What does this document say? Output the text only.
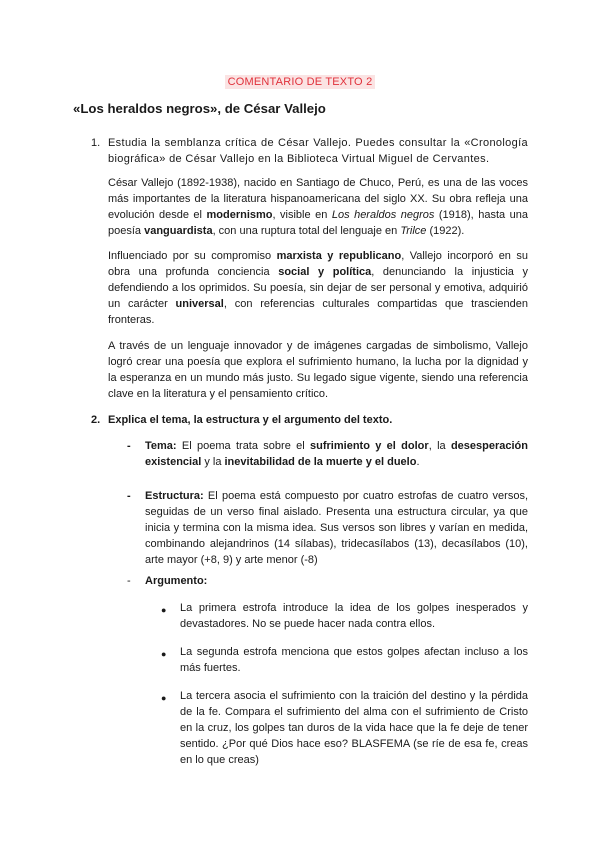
COMENTARIO DE TEXTO 2
«Los heraldos negros», de César Vallejo
1. Estudia la semblanza crítica de César Vallejo. Puedes consultar la «Cronología biográfica» de César Vallejo en la Biblioteca Virtual Miguel de Cervantes.

César Vallejo (1892-1938), nacido en Santiago de Chuco, Perú, es una de las voces más importantes de la literatura hispanoamericana del siglo XX. Su obra refleja una evolución desde el modernismo, visible en Los heraldos negros (1918), hasta una poesía vanguardista, con una ruptura total del lenguaje en Trilce (1922).

Influenciado por su compromiso marxista y republicano, Vallejo incorporó en su obra una profunda conciencia social y política, denunciando la injusticia y defendiendo a los oprimidos. Su poesía, sin dejar de ser personal y emotiva, adquirió un carácter universal, con referencias culturales compartidas que trascienden fronteras.

A través de un lenguaje innovador y de imágenes cargadas de simbolismo, Vallejo logró crear una poesía que explora el sufrimiento humano, la lucha por la dignidad y la esperanza en un mundo más justo. Su legado sigue vigente, siendo una referencia clave en la literatura y el pensamiento crítico.

2. Explica el tema, la estructura y el argumento del texto.
- Tema: El poema trata sobre el sufrimiento y el dolor, la desesperación existencial y la inevitabilidad de la muerte y el duelo.

- Estructura: El poema está compuesto por cuatro estrofas de cuatro versos, seguidas de un verso final aislado. Presenta una estructura circular, ya que inicia y termina con la misma idea. Sus versos son libres y varían en medida, combinando alejandrinos (14 sílabas), tridecasílabos (13), decasílabos (10), arte mayor (+8, 9) y arte menor (-8)

- Argumento:
● La primera estrofa introduce la idea de los golpes inesperados y devastadores. No se puede hacer nada contra ellos.

● La segunda estrofa menciona que estos golpes afectan incluso a los más fuertes.

● La tercera asocia el sufrimiento con la traición del destino y la pérdida de la fe. Compara el sufrimiento del alma con el sufrimiento de Cristo en la cruz, los golpes tan duros de la vida hace que la fe deje de tener sentido. ¿Por qué Dios hace eso? BLASFEMA (se ríe de esa fe, creas en lo que creas)
